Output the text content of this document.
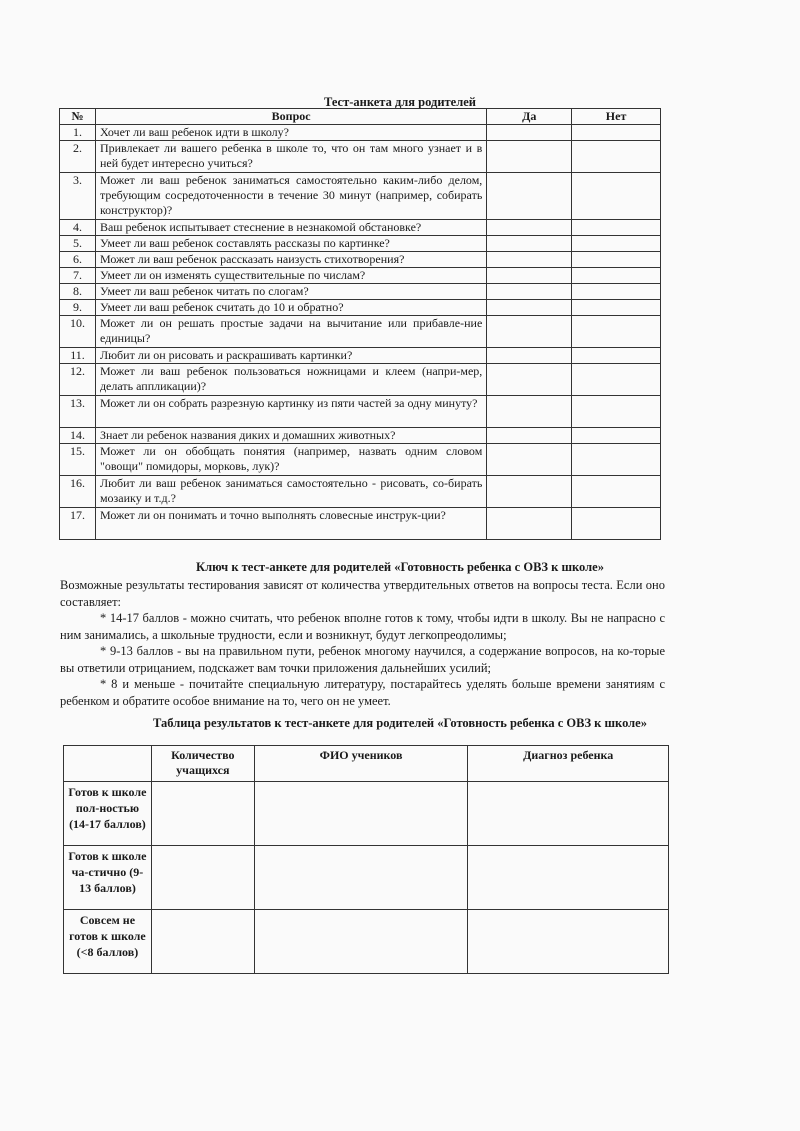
Тест-анкета для родителей
№	Вопрос	Да	Нет
1.	Хочет ли ваш ребенок идти в школу?		
2.	Привлекает ли вашего ребенка в школе то, что он там много узнает и в ней будет интересно учиться?		
3.	Может ли ваш ребенок заниматься самостоятельно каким-либо делом, требующим сосредоточенности в течение 30 минут (например, собирать конструктор)?		
4.	Ваш ребенок испытывает стеснение в незнакомой обстановке?		
5.	Умеет ли ваш ребенок составлять рассказы по картинке?		
6.	Может ли ваш ребенок рассказать наизусть стихотворения?		
7.	Умеет ли он изменять существительные по числам?		
8.	Умеет ли ваш ребенок читать по слогам?		
9.	Умеет ли ваш ребенок считать до 10 и обратно?		
10.	Может ли он решать простые задачи на вычитание или прибавле-ние единицы?		
11.	Любит ли он рисовать и раскрашивать картинки?		
12.	Может ли ваш ребенок пользоваться ножницами и клеем (напри-мер, делать аппликации)?		
13.	Может ли он собрать разрезную картинку из пяти частей за одну минуту?		
14.	Знает ли ребенок названия диких и домашних животных?		
15.	Может ли он обобщать понятия (например, назвать одним словом "овощи" помидоры, морковь, лук)?		
16.	Любит ли ваш ребенок заниматься самостоятельно - рисовать, со-бирать мозаику и т.д.?		
17.	Может ли он понимать и точно выполнять словесные инструк-ции?		
Ключ к тест-анкете для родителей «Готовность ребенка с ОВЗ к школе»

Возможные результаты тестирования зависят от количества утвердительных ответов на вопросы теста. Если оно составляет:

* 14-17 баллов - можно считать, что ребенок вполне готов к тому, чтобы идти в школу. Вы не напрасно с ним занимались, а школьные трудности, если и возникнут, будут легкопреодолимы;

* 9-13 баллов - вы на правильном пути, ребенок многому научился, а содержание вопросов, на ко-торые вы ответили отрицанием, подскажет вам точки приложения дальнейших усилий;

* 8 и меньше - почитайте специальную литературу, постарайтесь уделять больше времени занятиям с ребенком и обратите особое внимание на то, чего он не умеет.

Таблица результатов к тест-анкете для родителей «Готовность ребенка с ОВЗ к школе»
	Количество учащихся	ФИО учеников	Диагноз ребенка
Готов к школе пол-ностью (14-17 баллов)			
Готов к школе ча-стично (9-13 баллов)			
Совсем не готов к школе (<8 баллов)			
